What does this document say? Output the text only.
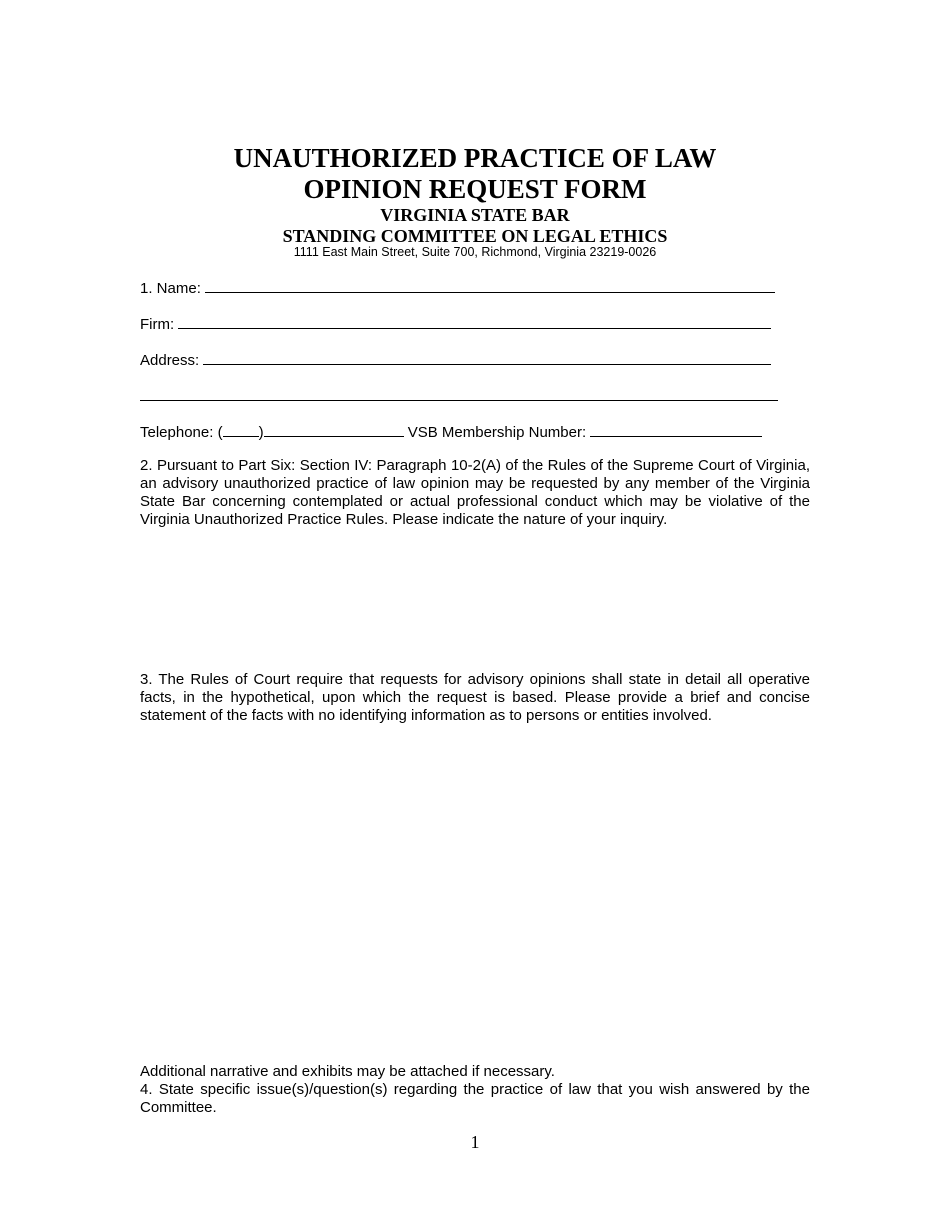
UNAUTHORIZED PRACTICE OF LAW
OPINION REQUEST FORM
VIRGINIA STATE BAR
STANDING COMMITTEE ON LEGAL ETHICS
1111 East Main Street, Suite 700, Richmond, Virginia 23219-0026
1. Name:
Firm:
Address:
Telephone: ( )	VSB Membership Number:
2. Pursuant to Part Six: Section IV: Paragraph 10-2(A) of the Rules of the Supreme Court of Virginia, an advisory unauthorized practice of law opinion may be requested by any member of the Virginia State Bar concerning contemplated or actual professional conduct which may be violative of the Virginia Unauthorized Practice Rules. Please indicate the nature of your inquiry.
3. The Rules of Court require that requests for advisory opinions shall state in detail all operative facts, in the hypothetical, upon which the request is based. Please provide a brief and concise statement of the facts with no identifying information as to persons or entities involved.
Additional narrative and exhibits may be attached if necessary.
4. State specific issue(s)/question(s) regarding the practice of law that you wish answered by the Committee.
1
